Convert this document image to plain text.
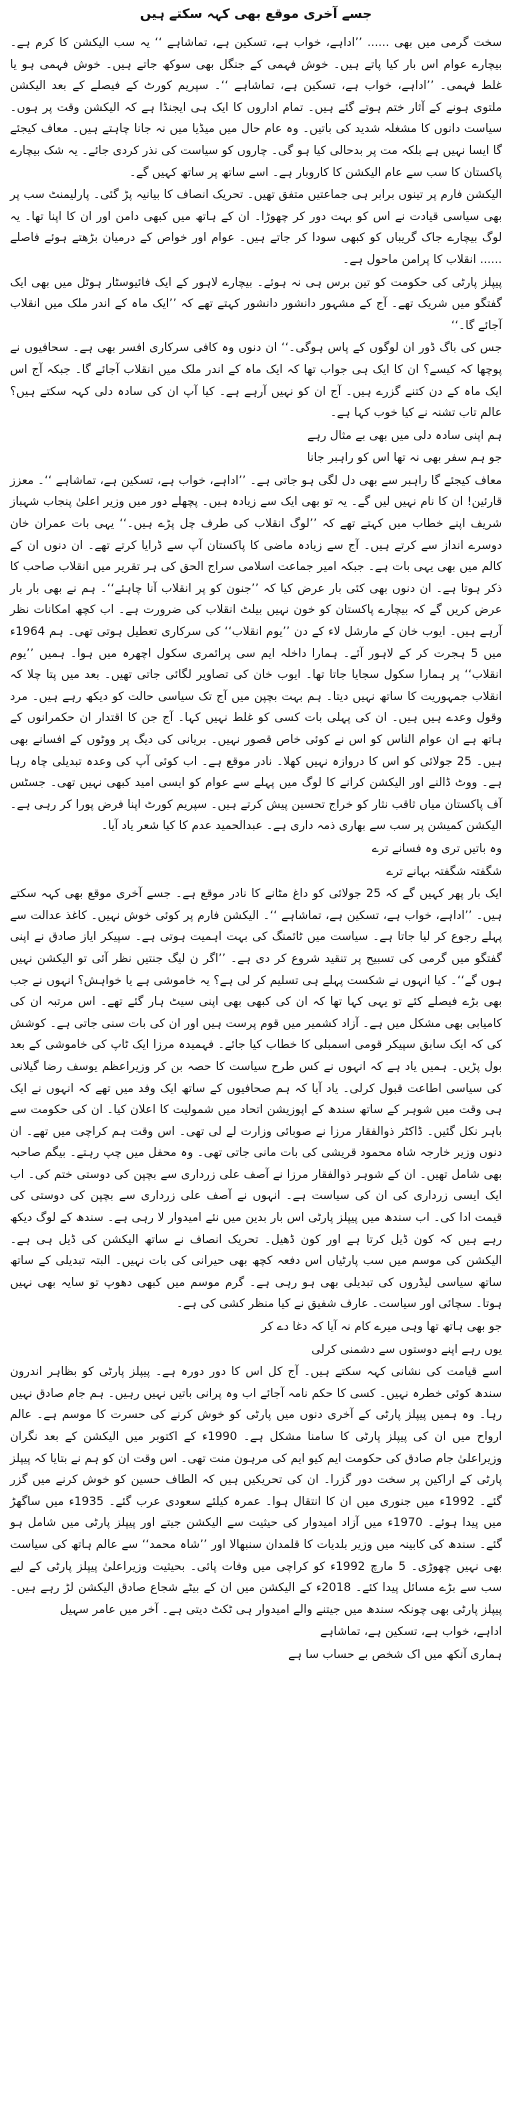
جسے آخری موقع بھی کہہ سکتے ہیں

سخت گرمی میں بھی ...... ’’اداہے، خواب ہے، تسکین ہے، تماشاہے ‘‘ یہ سب الیکشن کا کرم ہے۔ بیچارے عوام اس بار کیا پاتے ہیں۔ خوش فہمی کے جنگل بھی سوکھ جاتے ہیں۔ خوش فہمی ہو یا غلط فہمی۔ ’’اداہے، خواب ہے، تسکین ہے، تماشاہے ‘‘۔ سپریم کورٹ کے فیصلے کے بعد الیکشن ملتوی ہونے کے آثار ختم ہوتے گئے ہیں۔ تمام اداروں کا ایک ہی ایجنڈا ہے کہ الیکشن وقت پر ہوں۔ سیاست دانوں کا مشغلہ شدید کی باتیں۔ وہ عام حال میں میڈیا میں نہ جانا چاہتے ہیں۔ معاف کیجئے گا ایسا نہیں ہے بلکہ مت پر بدحالی کیا ہو گی۔ چاروں کو سیاست کی نذر کردی جائے۔ یہ شک بیچارے پاکستان کا سب سے عام الیکشن کا کاروبار ہے۔ اسے ساتھ پر ساتھ کہیں گے۔

الیکشن فارم پر تینوں برابر ہی جماعتیں متفق تھیں۔ تحریک انصاف کا بیانیہ پڑ گئی۔ پارلیمنٹ سب پر بھی سیاسی قیادت نے اس کو بہت دور کر چھوڑا۔ ان کے ہاتھ میں کبھی دامن اور ان کا اپنا تھا۔ یہ لوگ بیچارے جاک گریباں کو کبھی سودا کر جاتے ہیں۔ عوام اور خواص کے درمیان بڑھتے ہوئے فاصلے ...... انقلاب کا پرامن ماحول ہے۔

پیپلز پارٹی کی حکومت کو تین برس ہی نہ ہوئے۔ بیچارے لاہور کے ایک فائیوسٹار ہوٹل میں بھی ایک گفتگو میں شریک تھے۔ آج کے مشہور دانشور دانشور کہتے تھے کہ ’’ایک ماہ کے اندر ملک میں انقلاب آجائے گا۔‘‘

جس کی باگ ڈور ان لوگوں کے پاس ہوگی۔‘‘ ان دنوں وہ کافی سرکاری افسر بھی ہے۔ سحافیوں نے پوچھا کہ کیسے؟ ان کا ایک ہی جواب تھا کہ ایک ماہ کے اندر ملک میں انقلاب آجائے گا۔ جبکہ آج اس ایک ماہ کے دن کتنے گزرے ہیں۔ آج ان کو نہیں آرہے ہے۔ کیا آپ ان کی سادہ دلی کہہ سکتے ہیں؟ عالم تاب تشنہ نے کیا خوب کہا ہے۔

ہم اپنی سادہ دلی میں بھی بے مثال رہے
جو ہم سفر بھی نہ تھا اس کو راہبر جانا

معاف کیجئے گا راہبر سے بھی دل لگی ہو جاتی ہے۔ ’’اداہے، خواب ہے، تسکین ہے، تماشاہے ‘‘۔ معزز قارئین! ان کا نام نہیں لیں گے۔ یہ تو بھی ایک سے زیادہ ہیں۔ پچھلے دور میں وزیر اعلیٰ پنجاب شہباز شریف اپنے خطاب میں کہتے تھے کہ ’’لوگ انقلاب کی طرف چل پڑے ہیں۔‘‘ یہی بات عمران خان دوسرے انداز سے کرتے ہیں۔ آج سے زیادہ ماضی کا پاکستان آپ سے ڈرایا کرتے تھے۔ ان دنوں ان کے کالم میں بھی یہی بات ہے۔ جبکہ امیر جماعت اسلامی سراج الحق کی ہر تقریر میں انقلاب صاحب کا ذکر ہوتا ہے۔ ان دنوں بھی کئی بار عرض کیا کہ ’’جنون کو پر انقلاب آنا چاہئے‘‘۔ ہم نے بھی بار بار عرض کریں گے کہ بیچارے پاکستان کو خون نہیں بیلٹ انقلاب کی ضرورت ہے۔ اب کچھ امکانات نظر آرہے ہیں۔ ایوب خان کے مارشل لاء کے دن ’’یوم انقلاب‘‘ کی سرکاری تعطیل ہوتی تھی۔ ہم 1964ء میں 5 ہجرت کر کے لاہور آئے۔ ہمارا داخلہ ایم سی پرائمری سکول اچھرہ میں ہوا۔ ہمیں ’’یوم انقلاب‘‘ پر ہمارا سکول سجایا جاتا تھا۔ ایوب خان کی تصاویر لگائی جاتی تھیں۔ بعد میں پتا چلا کہ انقلاب جمہوریت کا ساتھ نہیں دیتا۔ ہم بہت بچپن میں آج تک سیاسی حالت کو دیکھ رہے ہیں۔ مرد وقول وعدے ہیں ہیں۔ ان کی پہلی بات کسی کو غلط نہیں کہا۔ آج جن کا اقتدار ان حکمرانوں کے ہاتھ ہے ان عوام الناس کو اس نے کوئی خاص قصور نہیں۔ بریانی کی دیگ پر ووٹوں کے افسانے بھی ہیں۔ 25 جولائی کو اس کا دروازہ نہیں کھلا۔ نادر موقع ہے۔ اب کوئی آپ کی وعدہ تبدیلی چاہ رہا ہے۔ ووٹ ڈالنے اور الیکشن کرانے کا لوگ میں پہلے سے عوام کو ایسی امید کبھی نہیں تھی۔ جسٹس آف پاکستان میاں ثاقب نثار کو خراج تحسین پیش کرتے ہیں۔ سپریم کورٹ اپنا فرض پورا کر رہی ہے۔ الیکشن کمیشن پر سب سے بھاری ذمہ داری ہے۔ عبدالحمید عدم کا کیا شعر یاد آیا۔

وہ باتیں تری وہ فسانے ترے
شگفتہ شگفتہ بہانے ترے

ایک بار پھر کہیں گے کہ 25 جولائی کو داغ مٹانے کا نادر موقع ہے۔ جسے آخری موقع بھی کہہ سکتے ہیں۔ ’’اداہے، خواب ہے، تسکین ہے، تماشاہے ‘‘۔ الیکشن فارم پر کوئی خوش نہیں۔ کاغذ عدالت سے پہلے رجوع کر لیا جاتا ہے۔ سیاست میں ٹائمنگ کی بہت اہمیت ہوتی ہے۔ سپیکر ایاز صادق نے اپنی گفتگو میں گرمی کی تسبیح پر تنقید شروع کر دی ہے۔ ’’اگر ن لیگ جنتیں نظر آئی تو الیکشن نہیں ہوں گے‘‘۔ کیا انہوں نے شکست پہلے ہی تسلیم کر لی ہے؟ یہ خاموشی ہے یا خواہش؟ انہوں نے جب بھی بڑے فیصلے کئے تو یہی کہا تھا کہ ان کی کبھی بھی اپنی سیٹ ہار گئے تھے۔ اس مرتبہ ان کی کامیابی بھی مشکل میں ہے۔ آزاد کشمیر میں قوم پرست ہیں اور ان کی بات سنی جاتی ہے۔ کوشش کی کہ ایک سابق سپیکر قومی اسمبلی کا خطاب کیا جائے۔ فہمیدہ مرزا ایک ٹاپ کی خاموشی کے بعد بول پڑیں۔ ہمیں یاد ہے کہ انہوں نے کس طرح سیاست کا حصہ بن کر وزیراعظم یوسف رضا گیلانی کی سیاسی اطاعت قبول کرلی۔ یاد آیا کہ ہم صحافیوں کے ساتھ ایک وفد میں تھے کہ انہوں نے ایک ہی وقت میں شوہر کے ساتھ سندھ کے اپوزیشن اتحاد میں شمولیت کا اعلان کیا۔ ان کی حکومت سے باہر نکل گئیں۔ ڈاکٹر ذوالفقار مرزا نے صوبائی وزارت لے لی تھی۔ اس وقت ہم کراچی میں تھے۔ ان دنوں وزیر خارجہ شاہ محمود قریشی کی بات مانی جاتی تھی۔ وہ محفل میں چپ رہتے۔ بیگم صاحبہ بھی شامل تھیں۔ ان کے شوہر ذوالفقار مرزا نے آصف علی زرداری سے بچپن کی دوستی ختم کی۔ اب ایک ایسی زرداری کی ان کی سیاست ہے۔ انہوں نے آصف علی زرداری سے بچپن کی دوستی کی قیمت ادا کی۔ اب سندھ میں پیپلز پارٹی اس بار بدین میں نئے امیدوار لا رہی ہے۔ سندھ کے لوگ دیکھ رہے ہیں کہ کون ڈیل کرتا ہے اور کون ڈھیل۔ تحریک انصاف نے ساتھ الیکشن کی ڈیل ہی ہے۔ الیکشن کی موسم میں سب پارٹیاں اس دفعہ کچھ بھی حیرانی کی بات نہیں۔ البتہ تبدیلی کے ساتھ ساتھ سیاسی لیڈروں کی تبدیلی بھی ہو رہی ہے۔ گرم موسم میں کبھی دھوپ تو سایہ بھی نہیں ہوتا۔ سچائی اور سیاست۔ عارف شفیق نے کیا منظر کشی کی ہے۔

جو بھی ہاتھ تھا وہی میرے کام نہ آیا کہ دغا دے کر
یوں رہے اپنے دوستوں سے دشمنی کرلی

اسے قیامت کی نشانی کہہ سکتے ہیں۔ آج کل اس کا دور دورہ ہے۔ پیپلز پارٹی کو بظاہر اندرون سندھ کوئی خطرہ نہیں۔ کسی کا حکم نامہ آجائے اب وہ پرانی باتیں نہیں رہیں۔ ہم جام صادق نہیں رہا۔ وہ ہمیں پیپلز پارٹی کے آخری دنوں میں پارٹی کو خوش کرنے کی حسرت کا موسم ہے۔ عالم ارواح میں ان کی پیپلز پارٹی کا سامنا مشکل ہے۔ 1990ء کے اکتوبر میں الیکشن کے بعد نگران وزیراعلیٰ جام صادق کی حکومت ایم کیو ایم کی مرہون منت تھی۔ اس وقت ان کو ہم نے بتایا کہ پیپلز پارٹی کے اراکین پر سخت دور گزرا۔ ان کی تحریکیں ہیں کہ الطاف حسین کو خوش کرنے میں گزر گئے۔ 1992ء میں جنوری میں ان کا انتقال ہوا۔ عمرہ کیلئے سعودی عرب گئے۔ 1935ء میں ساگھڑ میں پیدا ہوئے۔ 1970ء میں آزاد امیدوار کی حیثیت سے الیکشن جیتے اور پیپلز پارٹی میں شامل ہو گئے۔ سندھ کی کابینہ میں وزیر بلدیات کا قلمدان سنبھالا اور ’’شاہ محمد‘‘ سے عالم ہاتھ کی سیاست بھی نہیں چھوڑی۔ 5 مارچ 1992ء کو کراچی میں وفات پائی۔ بحیثیت وزیراعلیٰ پیپلز پارٹی کے لیے سب سے بڑے مسائل پیدا کئے۔ 2018ء کے الیکشن میں ان کے بیٹے شجاع صادق الیکشن لڑ رہے ہیں۔ پیپلز پارٹی بھی چونکہ سندھ میں جیتنے والے امیدوار ہی ٹکٹ دیتی ہے۔ آخر میں عامر سہیل

اداہے، خواب ہے، تسکین ہے، تماشاہے
ہماری آنکھ میں اک شخص بے حساب سا ہے
